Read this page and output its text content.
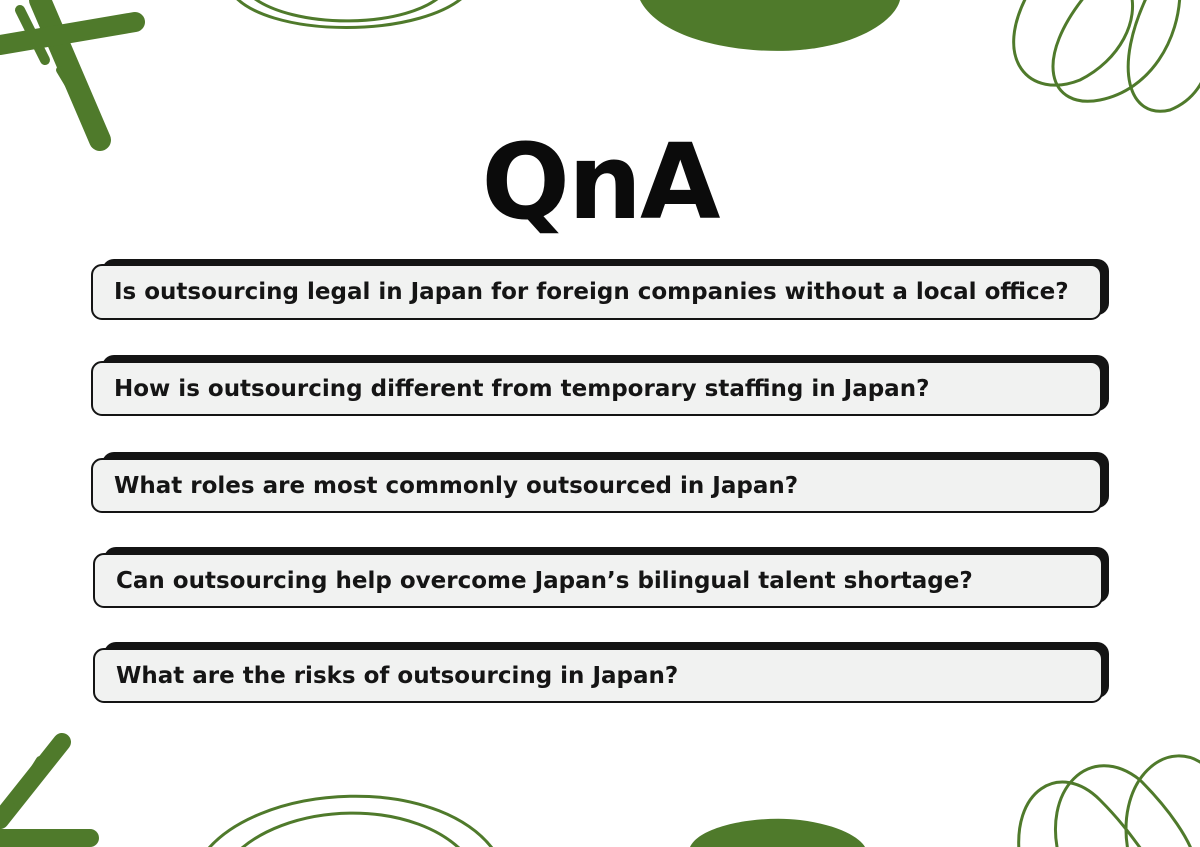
QnA
Is outsourcing legal in Japan for foreign companies without a local office?
How is outsourcing different from temporary staffing in Japan?
What roles are most commonly outsourced in Japan?
Can outsourcing help overcome Japan’s bilingual talent shortage?
What are the risks of outsourcing in Japan?
